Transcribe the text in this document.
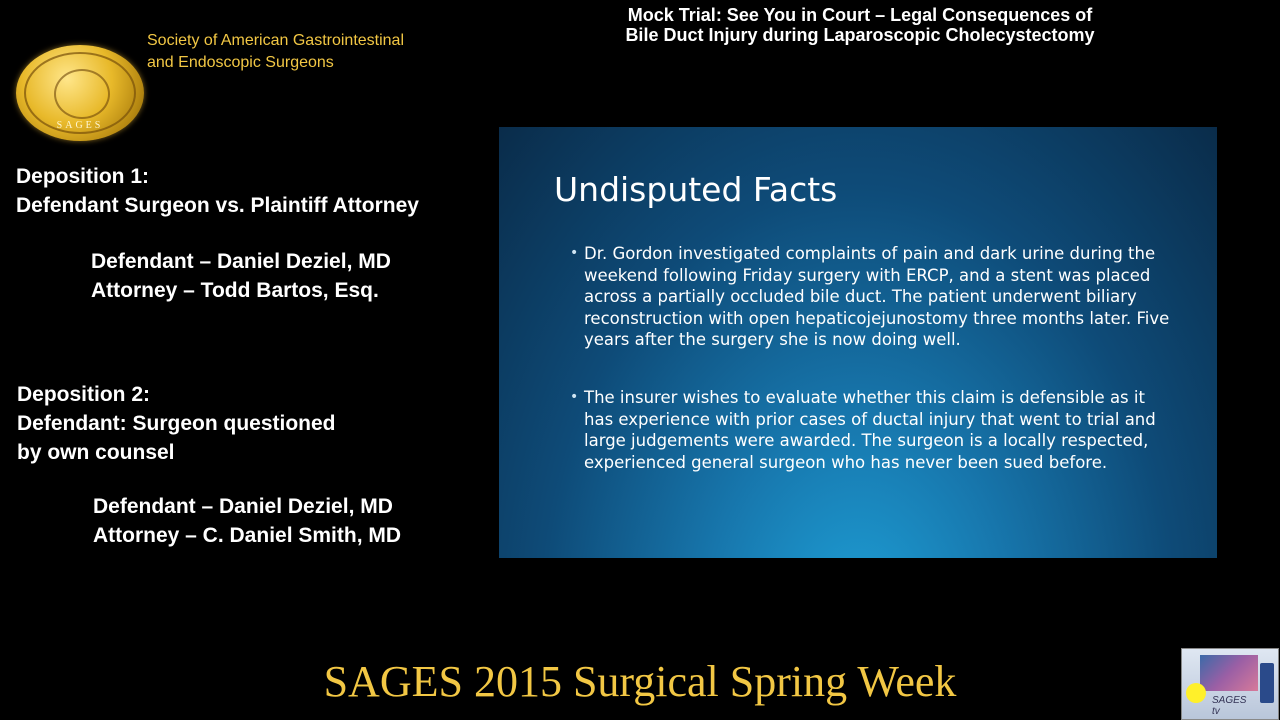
SAGES
Society of American Gastrointestinal
and Endoscopic Surgeons
Mock Trial: See You in Court – Legal Consequences of
Bile Duct Injury during Laparoscopic Cholecystectomy
Deposition 1:
Defendant Surgeon vs. Plaintiff Attorney
Defendant – Daniel Deziel, MD
Attorney – Todd Bartos, Esq.
Deposition 2:
Defendant: Surgeon questioned
by own counsel
Defendant – Daniel Deziel, MD
Attorney – C. Daniel Smith, MD
Undisputed Facts
• Dr. Gordon investigated complaints of pain and dark urine during the weekend following Friday surgery with ERCP, and a stent was placed across a partially occluded bile duct. The patient underwent biliary reconstruction with open hepaticojejunostomy three months later. Five years after the surgery she is now doing well.
• The insurer wishes to evaluate whether this claim is defensible as it has experience with prior cases of ductal injury that went to trial and large judgements were awarded. The surgeon is a locally respected, experienced general surgeon who has never been sued before.
SAGES 2015 Surgical Spring Week	SAGES
tv
